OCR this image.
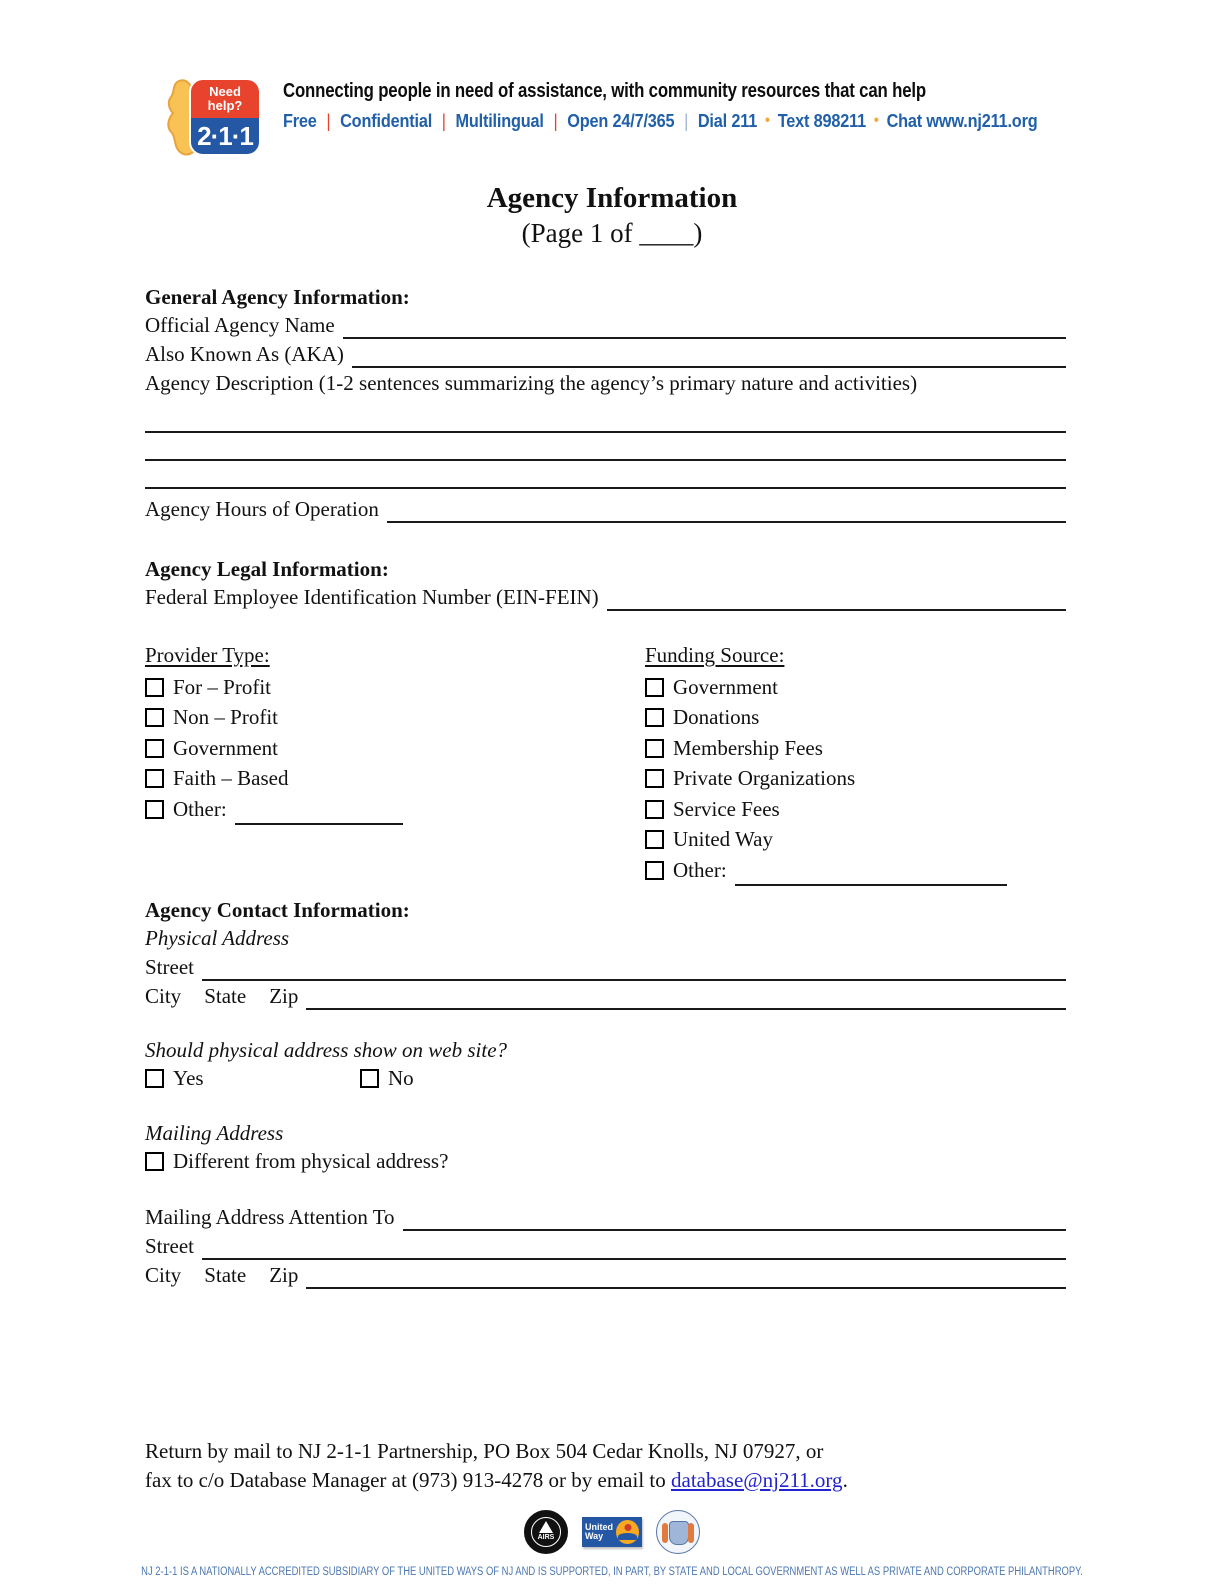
Need help?
2·1·1
Connecting people in need of assistance, with community resources that can help
Free | Confidential | Multilingual | Open 24/7/365 | Dial 211 • Text 898211 • Chat www.nj211.org
Agency Information
(Page 1 of ____)
General Agency Information:
Official Agency Name
Also Known As (AKA)
Agency Description (1-2 sentences summarizing the agency’s primary nature and activities)
Agency Hours of Operation
Agency Legal Information:
Federal Employee Identification Number (EIN-FEIN)
Provider Type:
For – Profit
Non – Profit
Government
Faith – Based
Other:
Funding Source:
Government
Donations
Membership Fees
Private Organizations
Service Fees
United Way
Other:
Agency Contact Information:
Physical Address
Street
City State Zip
Should physical address show on web site?
Yes	No
Mailing Address
Different from physical address?
Mailing Address Attention To
Street
City State Zip
Return by mail to NJ 2-1-1 Partnership, PO Box 504 Cedar Knolls, NJ 07927, or
fax to c/o Database Manager at (973) 913-4278 or by email to database@nj211.org.
AIRS
United Way
NJ 2-1-1 IS A NATIONALLY ACCREDITED SUBSIDIARY OF THE UNITED WAYS OF NJ AND IS SUPPORTED, IN PART, BY STATE AND LOCAL GOVERNMENT AS WELL AS PRIVATE AND CORPORATE PHILANTHROPY.
